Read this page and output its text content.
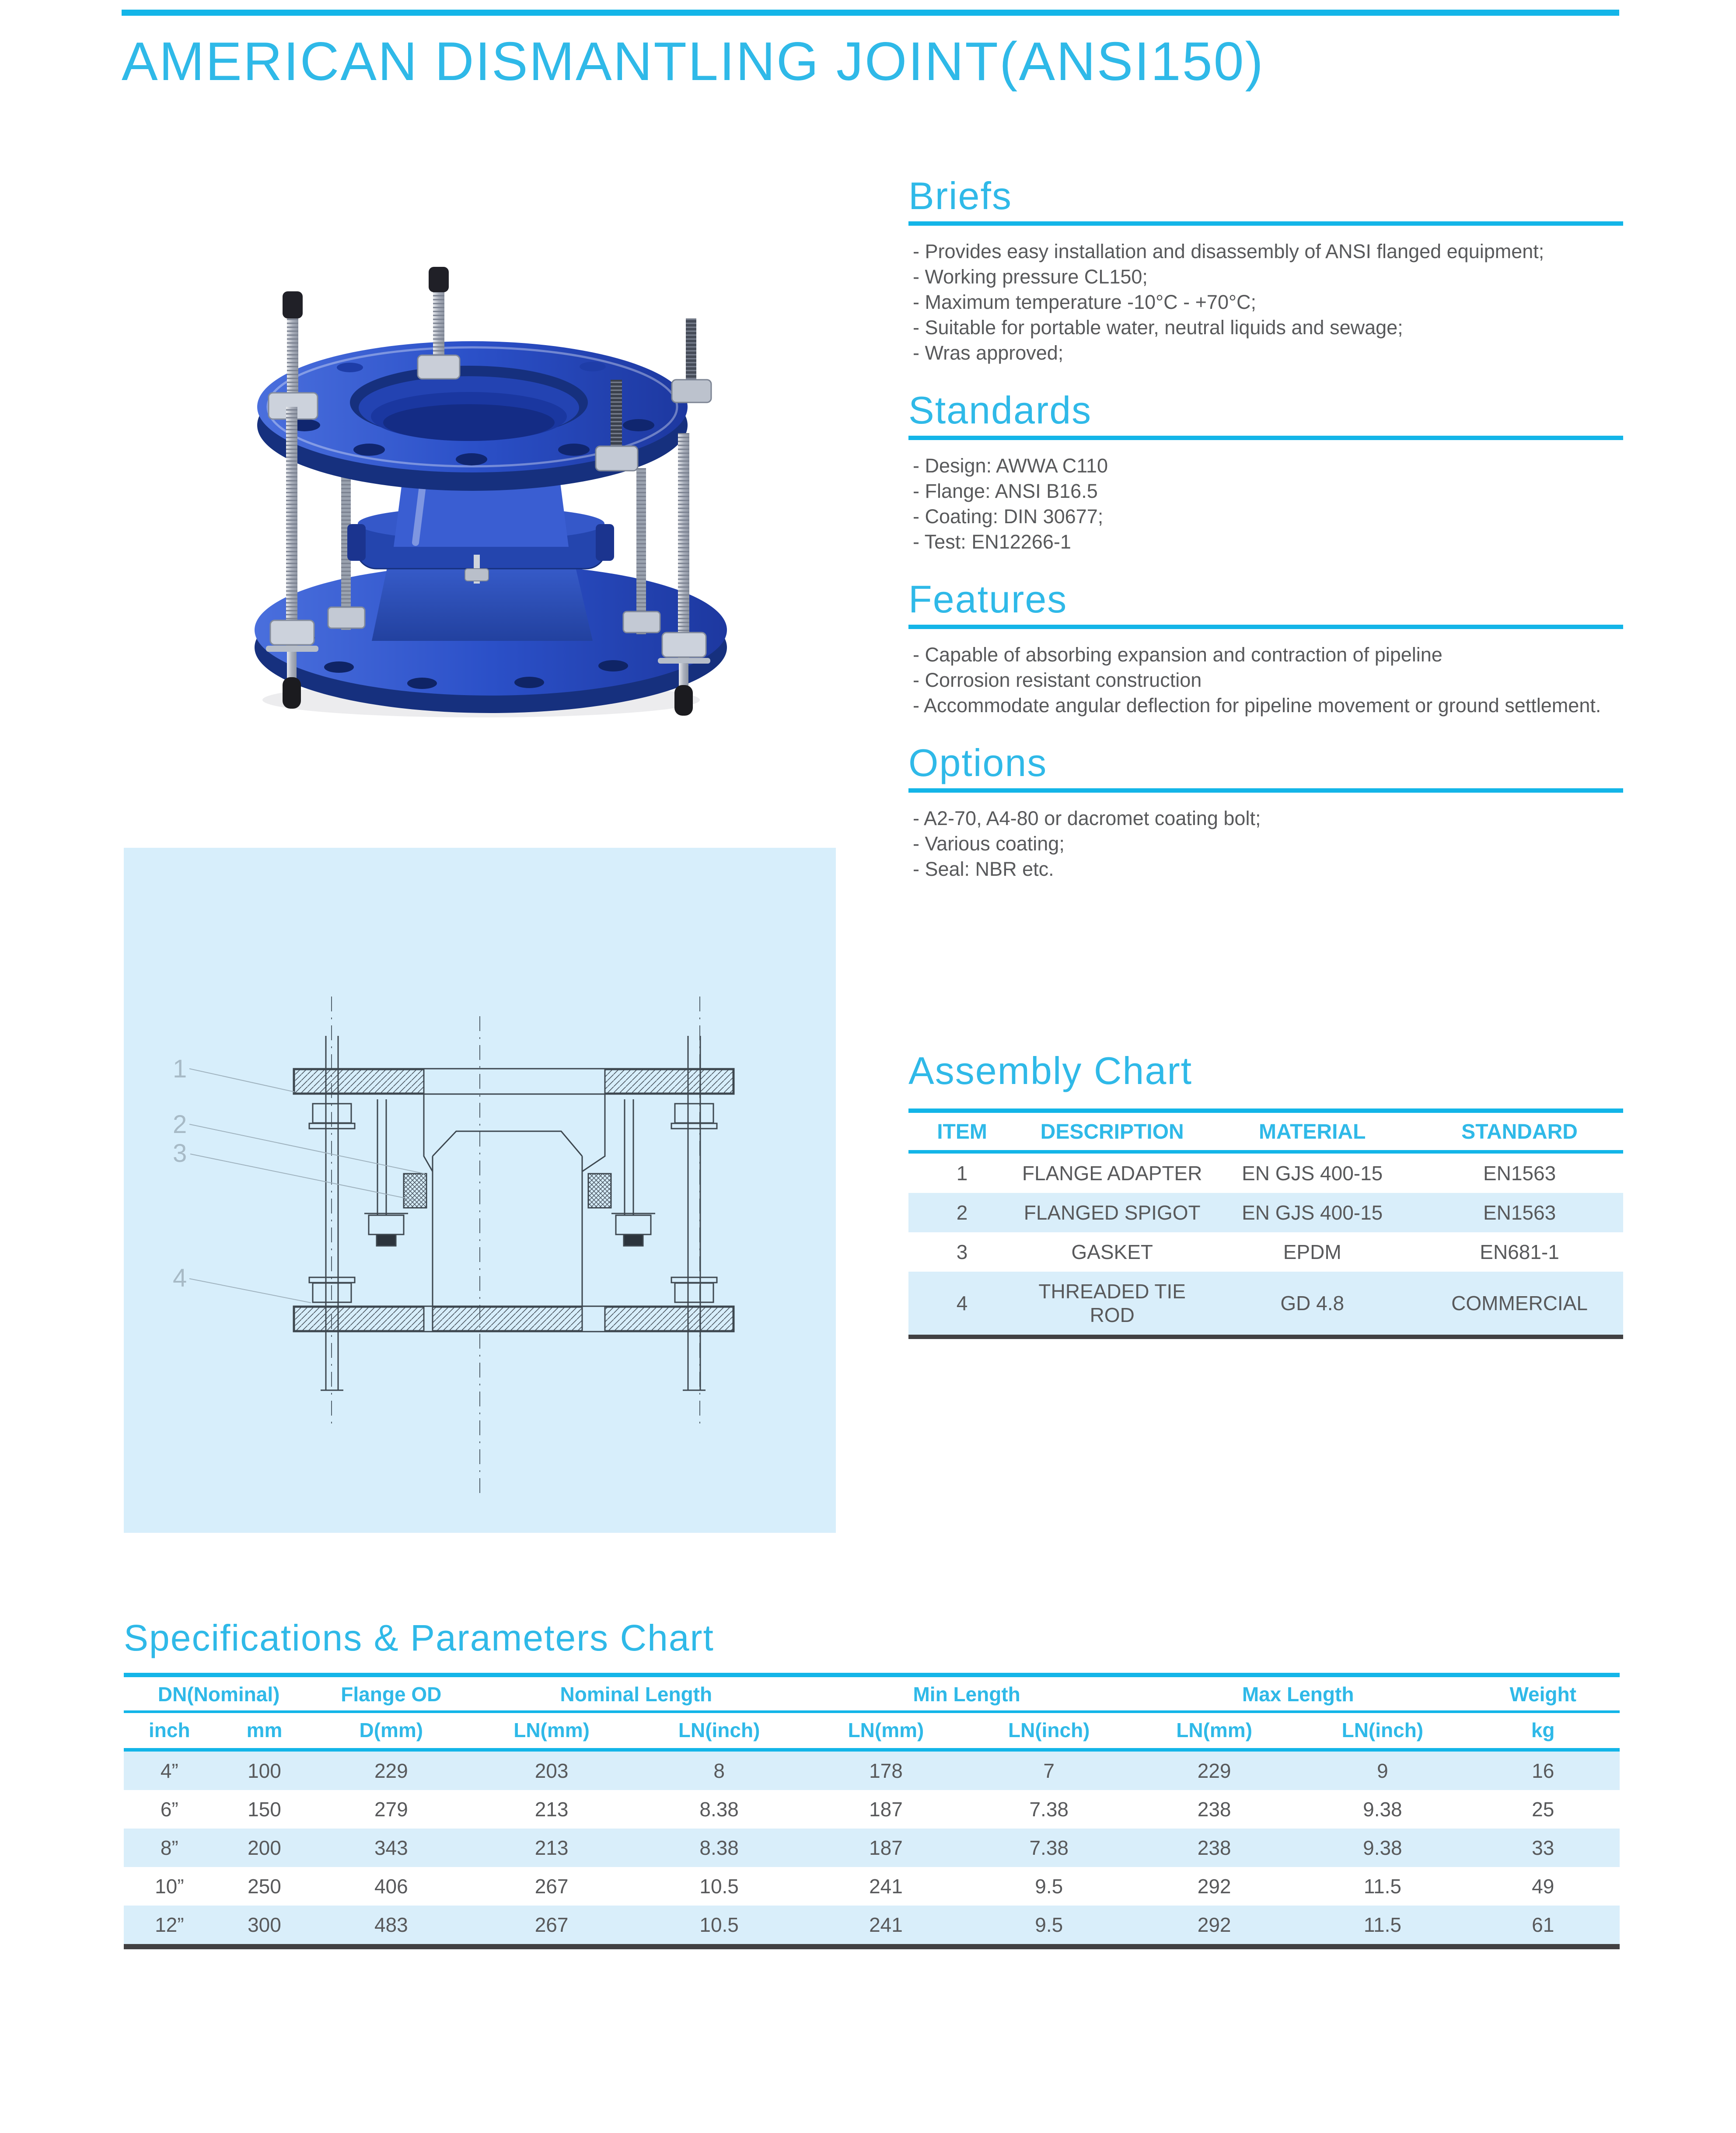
AMERICAN DISMANTLING JOINT(ANSI150)
1
2
3
4
Briefs
- Provides easy installation and disassembly of ANSI flanged equipment;
- Working pressure CL150;
- Maximum temperature -10°C - +70°C;
- Suitable for portable water, neutral liquids and sewage;
- Wras approved;
Standards
- Design: AWWA C110
- Flange: ANSI B16.5
- Coating: DIN 30677;
- Test: EN12266-1
Features
- Capable of absorbing expansion and contraction of pipeline
- Corrosion resistant construction
- Accommodate angular deflection for pipeline movement or ground settlement.
Options
- A2-70, A4-80 or dacromet coating bolt;
- Various coating;
- Seal: NBR etc.
Assembly Chart
ITEM	DESCRIPTION	MATERIAL	STANDARD
1	FLANGE ADAPTER	EN GJS 400-15	EN1563
2	FLANGED SPIGOT	EN GJS 400-15	EN1563
3	GASKET	EPDM	EN681-1
4	THREADED TIE ROD	GD 4.8	COMMERCIAL
Specifications & Parameters Chart
DN(Nominal)		Flange OD	Nominal Length		Min Length		Max Length		Weight
inch	mm	D(mm)	LN(mm)	LN(inch)	LN(mm)	LN(inch)	LN(mm)	LN(inch)	kg
4”	100	229	203	8	178	7	229	9	16
6”	150	279	213	8.38	187	7.38	238	9.38	25
8”	200	343	213	8.38	187	7.38	238	9.38	33
10”	250	406	267	10.5	241	9.5	292	11.5	49
12”	300	483	267	10.5	241	9.5	292	11.5	61
